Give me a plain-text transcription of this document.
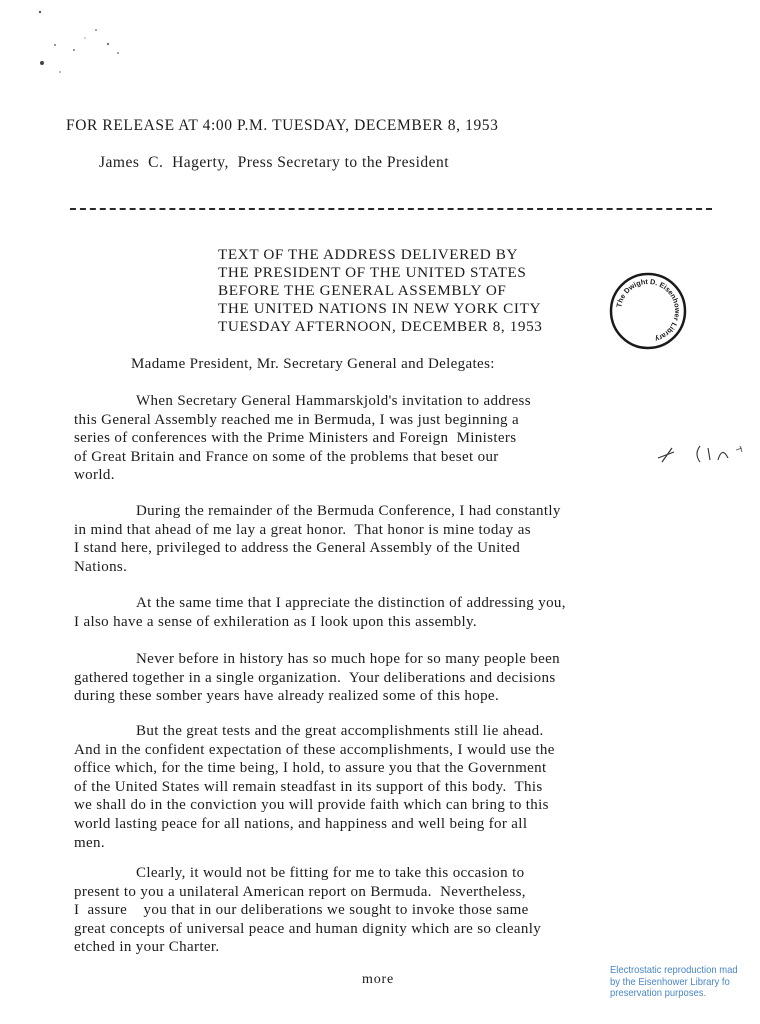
FOR RELEASE AT 4:00 P.M. TUESDAY, DECEMBER 8, 1953
James  C.  Hagerty,  Press Secretary to the President
TEXT OF THE ADDRESS DELIVERED BY
THE PRESIDENT OF THE UNITED STATES
BEFORE THE GENERAL ASSEMBLY OF
THE UNITED NATIONS IN NEW YORK CITY
TUESDAY AFTERNOON, DECEMBER 8, 1953
The Dwight D. Eisenhower Library
Madame President, Mr. Secretary General and Delegates:
When Secretary General Hammarskjold's invitation to address
this General Assembly reached me in Bermuda, I was just beginning a
series of conferences with the Prime Ministers and Foreign  Ministers
of Great Britain and France on some of the problems that beset our
world.
During the remainder of the Bermuda Conference, I had constantly
in mind that ahead of me lay a great honor.  That honor is mine today as
I stand here, privileged to address the General Assembly of the United
Nations.
At the same time that I appreciate the distinction of addressing you,
I also have a sense of exhileration as I look upon this assembly.
Never before in history has so much hope for so many people been
gathered together in a single organization.  Your deliberations and decisions
during these somber years have already realized some of this hope.
But the great tests and the great accomplishments still lie ahead.
And in the confident expectation of these accomplishments, I would use the
office which, for the time being, I hold, to assure you that the Government
of the United States will remain steadfast in its support of this body.  This
we shall do in the conviction you will provide faith which can bring to this
world lasting peace for all nations, and happiness and well being for all
men.
Clearly, it would not be fitting for me to take this occasion to
present to you a unilateral American report on Bermuda.  Nevertheless,
I  assure    you that in our deliberations we sought to invoke those same
great concepts of universal peace and human dignity which are so cleanly
etched in your Charter.
more
Electrostatic reproduction mad
by the Eisenhower Library fo
preservation purposes.
